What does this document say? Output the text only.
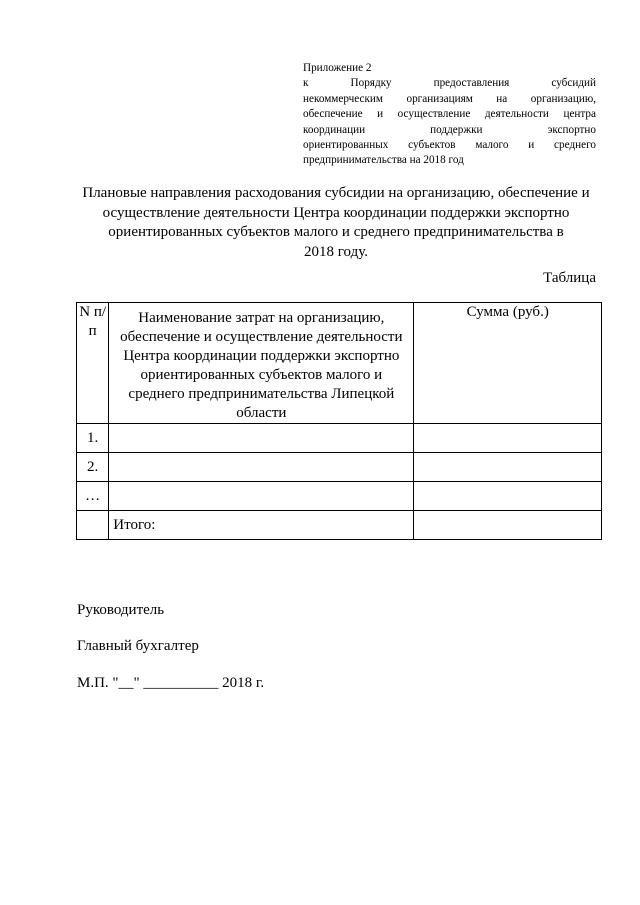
Приложение 2
к Порядку предоставления субсидий
некоммерческим организациям на организацию,
обеспечение и осуществление деятельности центра
координации поддержки экспортно
ориентированных субъектов малого и среднего
предпринимательства на 2018 год
Плановые направления расходования субсидии на организацию, обеспечение и
осуществление деятельности Центра координации поддержки экспортно
ориентированных субъектов малого и среднего предпринимательства в
2018 году.
Таблица
N п/п	Наименование затрат на организацию, обеспечение и осуществление деятельности Центра координации поддержки экспортно ориентированных субъектов малого и среднего предпринимательства Липецкой области	Сумма (руб.)
1.		
2.		
…		
	Итого:	
Руководитель
Главный бухгалтер
М.П. "__" __________ 2018 г.
